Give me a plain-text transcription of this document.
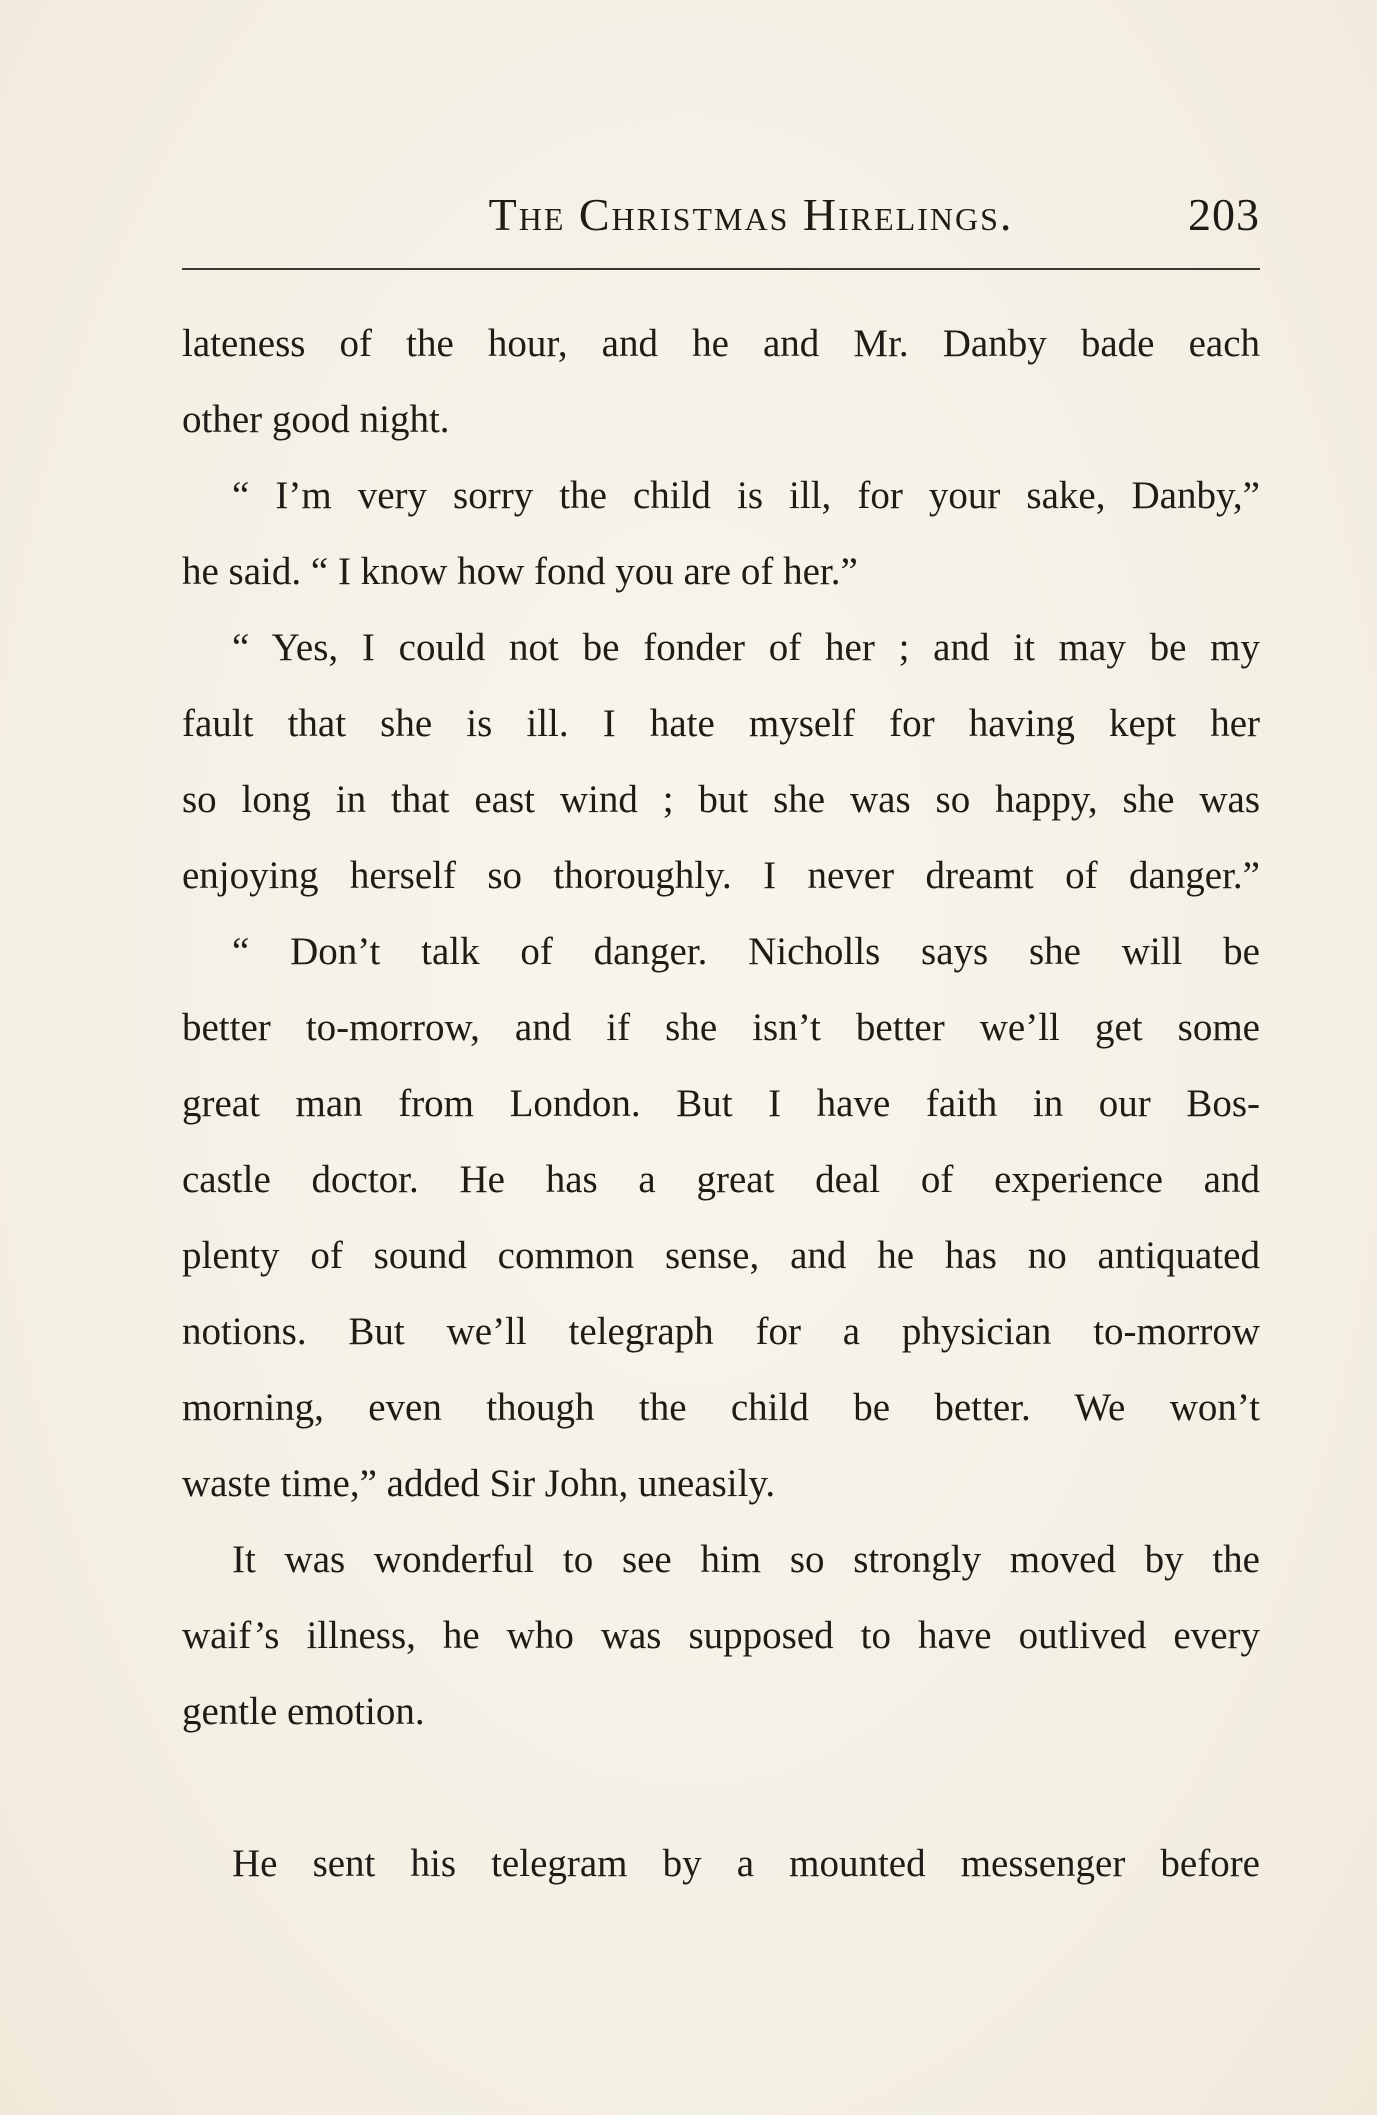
The Christmas Hirelings.	203
lateness of the hour, and he and Mr. Danby bade each
other good night.
“ I’m very sorry the child is ill, for your sake, Danby,”
he said. “ I know how fond you are of her.”
“ Yes, I could not be fonder of her ; and it may be my
fault that she is ill. I hate myself for having kept her
so long in that east wind ; but she was so happy, she was
enjoying herself so thoroughly. I never dreamt of danger.”
“ Don’t talk of danger. Nicholls says she will be
better to-morrow, and if she isn’t better we’ll get some
great man from London. But I have faith in our Bos-
castle doctor. He has a great deal of experience and
plenty of sound common sense, and he has no antiquated
notions. But we’ll telegraph for a physician to-morrow
morning, even though the child be better. We won’t
waste time,” added Sir John, uneasily.
It was wonderful to see him so strongly moved by the
waif’s illness, he who was supposed to have outlived every
gentle emotion.
He sent his telegram by a mounted messenger before
